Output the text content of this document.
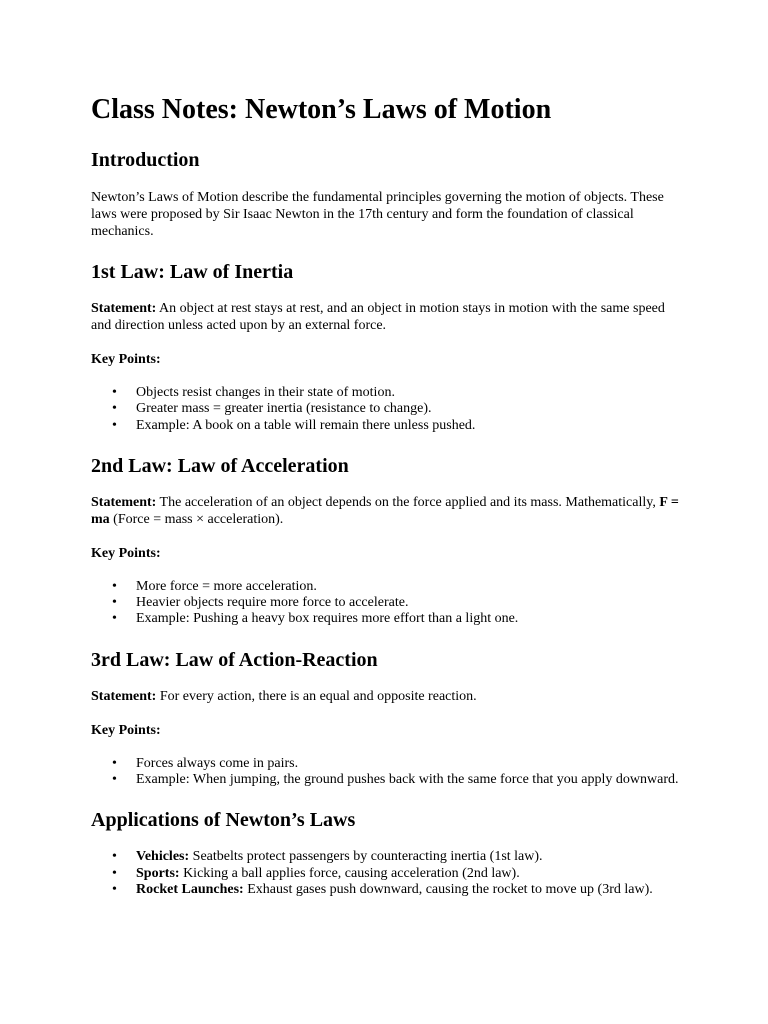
Class Notes: Newton’s Laws of Motion
Introduction

Newton’s Laws of Motion describe the fundamental principles governing the motion of objects. These laws were proposed by Sir Isaac Newton in the 17th century and form the foundation of classical mechanics.

1st Law: Law of Inertia

Statement: An object at rest stays at rest, and an object in motion stays in motion with the same speed and direction unless acted upon by an external force.

Key Points:

• Objects resist changes in their state of motion.
• Greater mass = greater inertia (resistance to change).
• Example: A book on a table will remain there unless pushed.
2nd Law: Law of Acceleration

Statement: The acceleration of an object depends on the force applied and its mass. Mathematically, F = ma (Force = mass × acceleration).

Key Points:

• More force = more acceleration.
• Heavier objects require more force to accelerate.
• Example: Pushing a heavy box requires more effort than a light one.
3rd Law: Law of Action-Reaction

Statement: For every action, there is an equal and opposite reaction.

Key Points:

• Forces always come in pairs.
• Example: When jumping, the ground pushes back with the same force that you apply downward.
Applications of Newton’s Laws
• Vehicles: Seatbelts protect passengers by counteracting inertia (1st law).
• Sports: Kicking a ball applies force, causing acceleration (2nd law).
• Rocket Launches: Exhaust gases push downward, causing the rocket to move up (3rd law).
